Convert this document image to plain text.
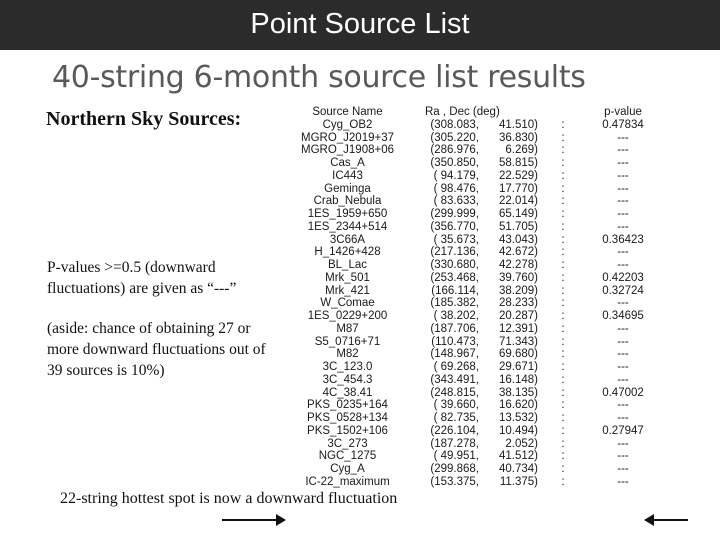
Point Source List
40-string 6-month source list results
Northern Sky Sources:
P-values >=0.5 (downward fluctuations) are given as “---”
(aside: chance of obtaining 27 or more downward fluctuations out of 39 sources is 10%)
22-string hottest spot is now a downward fluctuation
Source Name	Ra , Dec (deg)	p-value
Cyg_OB2	(308.083,	41.510) :	0.47834
MGRO_J2019+37	(305.220,	36.830) :	---
MGRO_J1908+06	(286.976,	6.269) :	---
Cas_A	(350.850,	58.815) :	---
IC443	( 94.179,	22.529) :	---
Geminga	( 98.476,	17.770) :	---
Crab_Nebula	( 83.633,	22.014) :	---
1ES_1959+650	(299.999,	65.149) :	---
1ES_2344+514	(356.770,	51.705) :	---
3C66A	( 35.673,	43.043) :	0.36423
H_1426+428	(217.136,	42.672) :	---
BL_Lac	(330.680,	42.278) :	---
Mrk_501	(253.468,	39.760) :	0.42203
Mrk_421	(166.114,	38.209) :	0.32724
W_Comae	(185.382,	28.233) :	---
1ES_0229+200	( 38.202,	20.287) :	0.34695
M87	(187.706,	12.391) :	---
S5_0716+71	(110.473,	71.343) :	---
M82	(148.967,	69.680) :	---
3C_123.0	( 69.268,	29.671) :	---
3C_454.3	(343.491,	16.148) :	---
4C_38.41	(248.815,	38.135) :	0.47002
PKS_0235+164	( 39.660,	16.620) :	---
PKS_0528+134	( 82.735,	13.532) :	---
PKS_1502+106	(226.104,	10.494) :	0.27947
3C_273	(187.278,	2.052) :	---
NGC_1275	( 49.951,	41.512) :	---
Cyg_A	(299.868,	40.734) :	---
IC-22_maximum	(153.375,	11.375) :	---
